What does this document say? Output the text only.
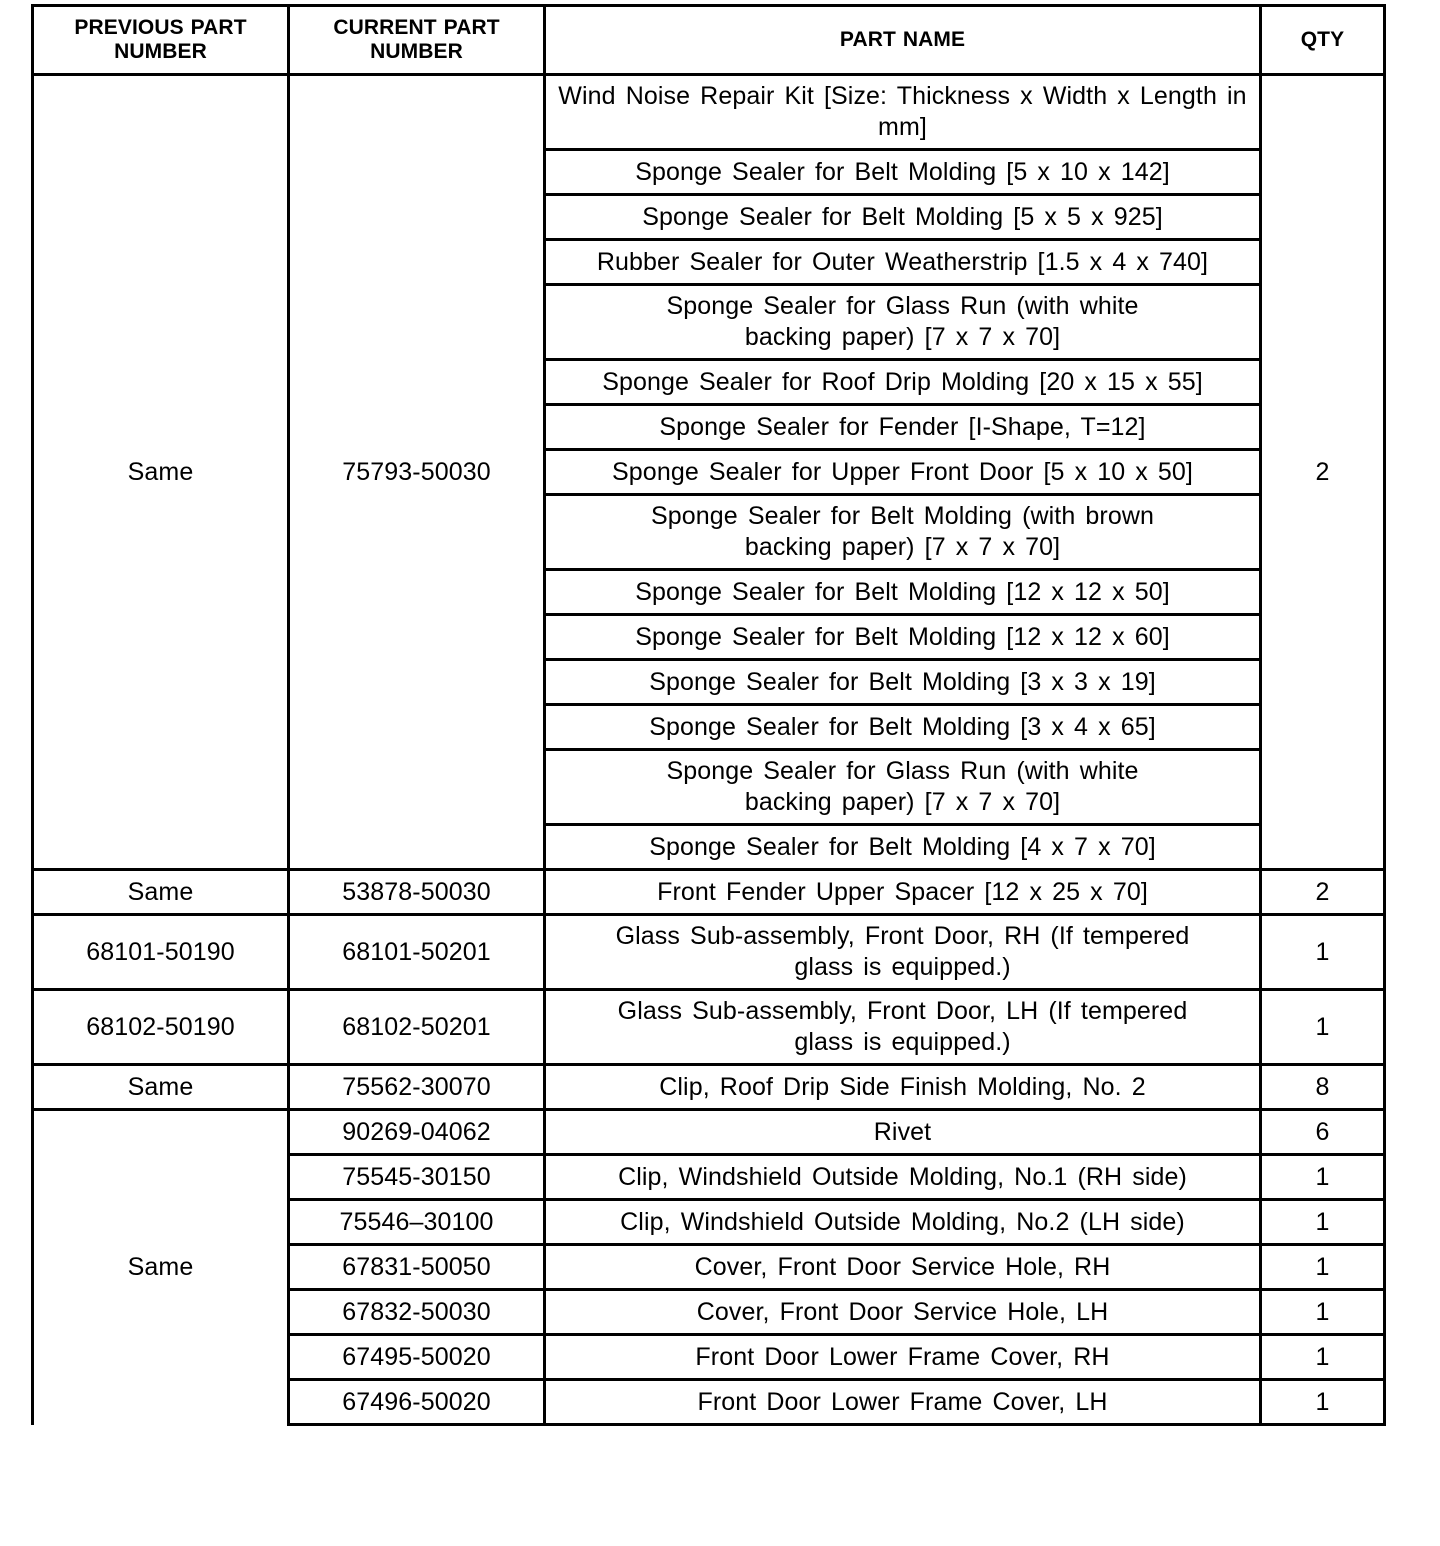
PREVIOUS PART NUMBER	CURRENT PART NUMBER	PART NAME	QTY
Same	75793-50030	Wind Noise Repair Kit [Size: Thickness x Width x Length in mm]	2
		Sponge Sealer for Belt Molding [5 x 10 x 142]	
		Sponge Sealer for Belt Molding [5 x 5 x 925]	
		Rubber Sealer for Outer Weatherstrip [1.5 x 4 x 740]	
		Sponge Sealer for Glass Run (with white backing paper) [7 x 7 x 70]	
		Sponge Sealer for Roof Drip Molding [20 x 15 x 55]	
		Sponge Sealer for Fender [I-Shape, T=12]	
		Sponge Sealer for Upper Front Door [5 x 10 x 50]	
		Sponge Sealer for Belt Molding (with brown backing paper) [7 x 7 x 70]	
		Sponge Sealer for Belt Molding [12 x 12 x 50]	
		Sponge Sealer for Belt Molding [12 x 12 x 60]	
		Sponge Sealer for Belt Molding [3 x 3 x 19]	
		Sponge Sealer for Belt Molding [3 x 4 x 65]	
		Sponge Sealer for Glass Run (with white backing paper) [7 x 7 x 70]	
		Sponge Sealer for Belt Molding [4 x 7 x 70]	
Same	53878-50030	Front Fender Upper Spacer [12 x 25 x 70]	2
68101-50190	68101-50201	Glass Sub-assembly, Front Door, RH (If tempered glass is equipped.)	1
68102-50190	68102-50201	Glass Sub-assembly, Front Door, LH (If tempered glass is equipped.)	1
Same	75562-30070	Clip, Roof Drip Side Finish Molding, No. 2	8
Same	90269-04062	Rivet	6
	75545-30150	Clip, Windshield Outside Molding, No.1 (RH side)	1
	75546–30100	Clip, Windshield Outside Molding, No.2 (LH side)	1
	67831-50050	Cover, Front Door Service Hole, RH	1
	67832-50030	Cover, Front Door Service Hole, LH	1
	67495-50020	Front Door Lower Frame Cover, RH	1
	67496-50020	Front Door Lower Frame Cover, LH	1
